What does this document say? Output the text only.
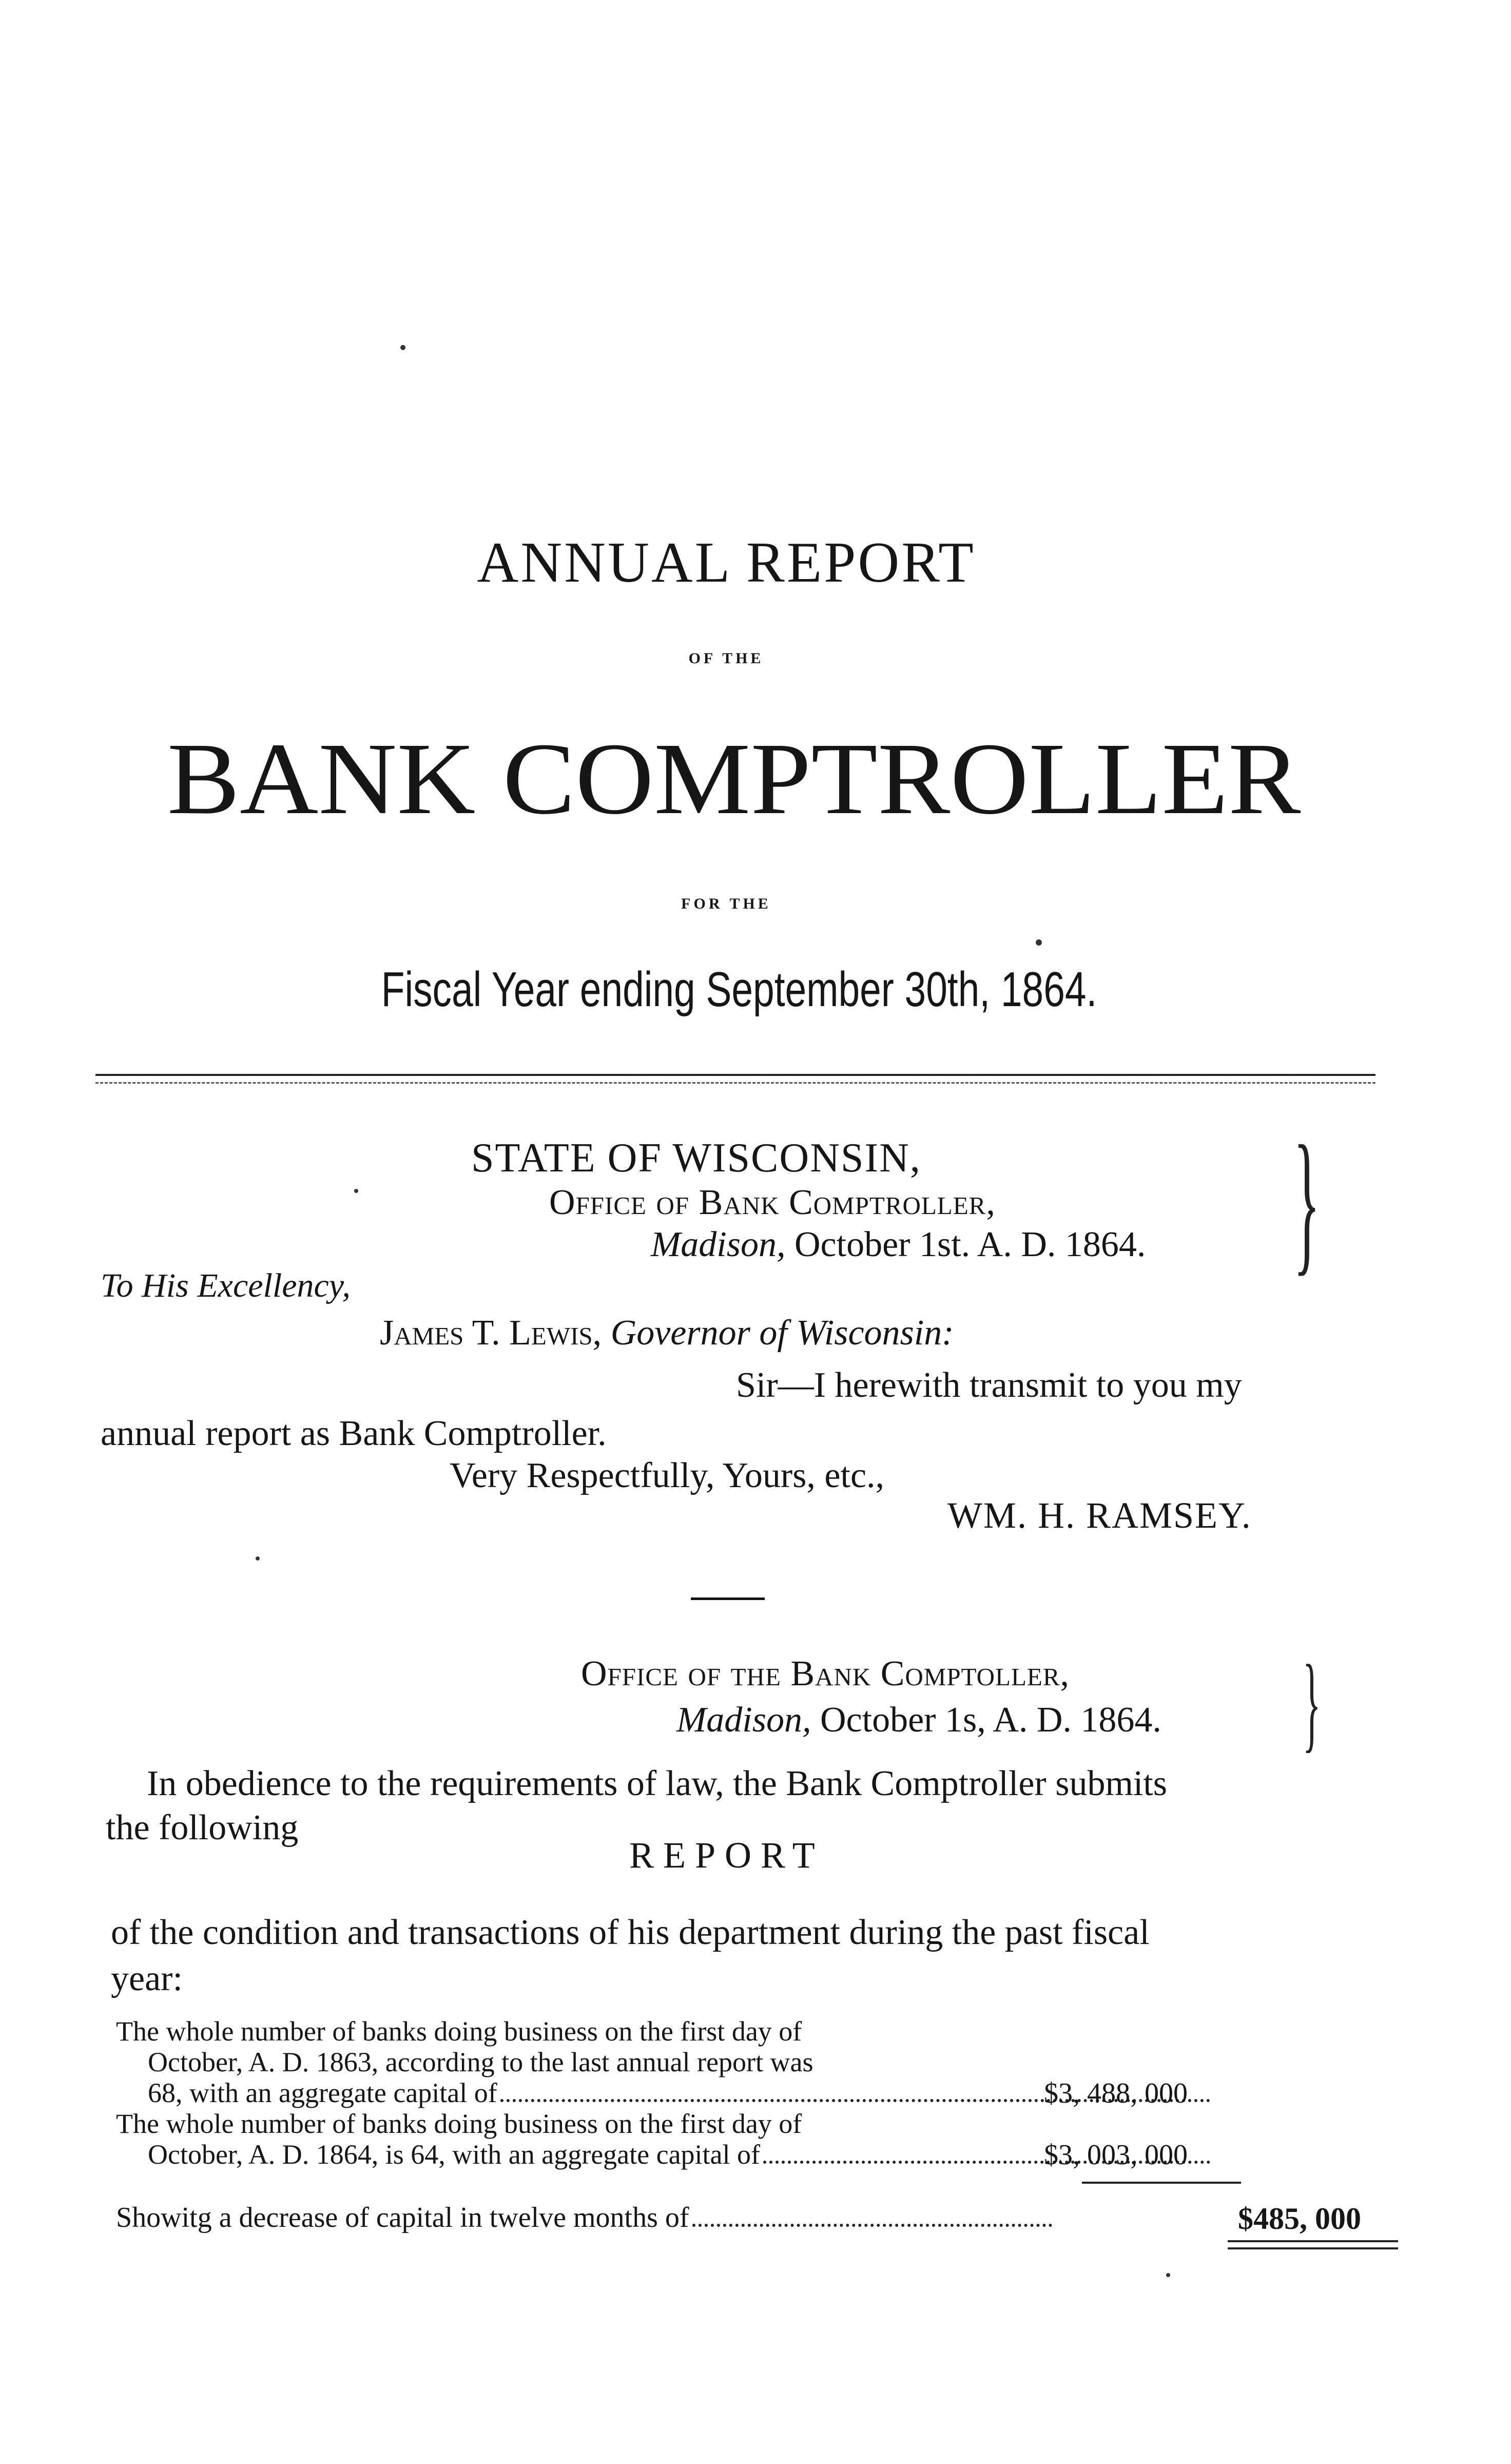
ANNUAL REPORT
OF THE
BANK COMPTROLLER
FOR THE
Fiscal Year ending September 30th, 1864.
STATE OF WISCONSIN,
Office of Bank Comptroller,
Madison, October 1st. A. D. 1864. }
To His Excellency,
James T. Lewis, Governor of Wisconsin:
Sir—I herewith transmit to you my
annual report as Bank Comptroller.
Very Respectfully, Yours, etc.,
WM. H. RAMSEY.
Office of the Bank Comptoller,
Madison, October 1s, A. D. 1864. }
In obedience to the requirements of law, the Bank Comptroller submits
the following
REPORT
of the condition and transactions of his department during the past fiscal
year:
The whole number of banks doing business on the first day of
October, A. D. 1863, according to the last annual report was
68, with an aggregate capital of	$3, 488, 000
The whole number of banks doing business on the first day of
October, A. D. 1864, is 64, with an aggregate capital of	$3, 003, 000
Showitg a decrease of capital in twelve months of	$485, 000
